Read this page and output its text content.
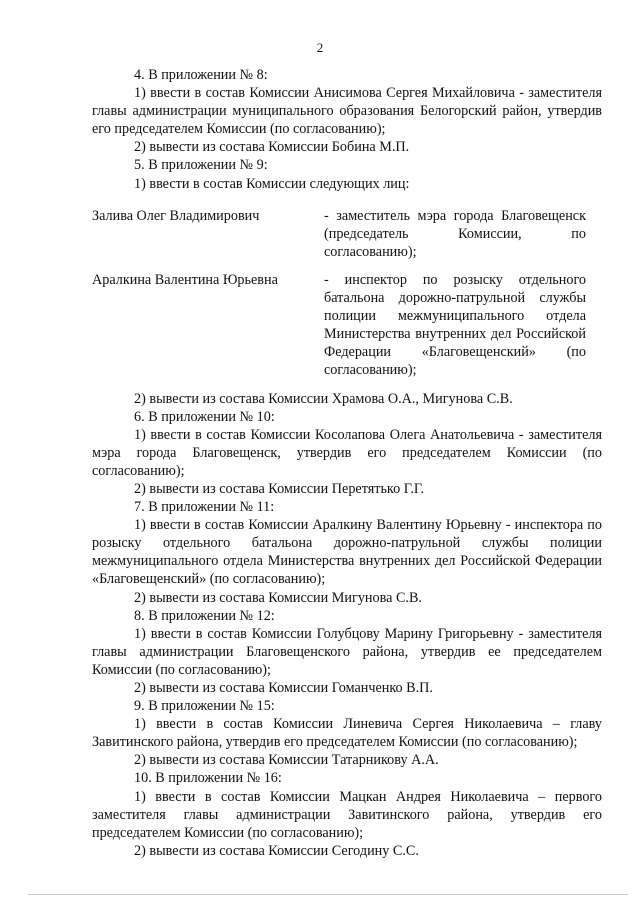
2

4. В приложении № 8:

1) ввести в состав Комиссии Анисимова Сергея Михайловича - заместителя главы администрации муниципального образования Белогорский район, утвердив его председателем Комиссии (по согласованию);

2) вывести из состава Комиссии Бобина М.П.

5. В приложении № 9:

1) ввести в состав Комиссии следующих лиц:

Залива Олег Владимирович	- заместитель мэра города Благовещенск (председатель Комиссии, по согласованию);
Аралкина Валентина Юрьевна	- инспектор по розыску отдельного батальона дорожно-патрульной службы полиции межмуниципального отдела Министерства внутренних дел Российской Федерации «Благовещенский» (по согласованию);

2) вывести из состава Комиссии Храмова О.А., Мигунова С.В.

6. В приложении № 10:

1) ввести в состав Комиссии Косолапова Олега Анатольевича - заместителя мэра города Благовещенск, утвердив его председателем Комиссии (по согласованию);

2) вывести из состава Комиссии Перетятько Г.Г.

7. В приложении № 11:

1) ввести в состав Комиссии Аралкину Валентину Юрьевну - инспектора по розыску отдельного батальона дорожно-патрульной службы полиции межмуниципального отдела Министерства внутренних дел Российской Федерации «Благовещенский» (по согласованию);

2) вывести из состава Комиссии Мигунова С.В.

8. В приложении № 12:

1) ввести в состав Комиссии Голубцову Марину Григорьевну - заместителя главы администрации Благовещенского района, утвердив ее председателем Комиссии (по согласованию);

2) вывести из состава Комиссии Гоманченко В.П.

9. В приложении № 15:

1) ввести в состав Комиссии Линевича Сергея Николаевича – главу Завитинского района, утвердив его председателем Комиссии (по согласованию);

2) вывести из состава Комиссии Татарникову А.А.

10. В приложении № 16:

1) ввести в состав Комиссии Мацкан Андрея Николаевича – первого заместителя главы администрации Завитинского района, утвердив его председателем Комиссии (по согласованию);

2) вывести из состава Комиссии Сегодину С.С.
